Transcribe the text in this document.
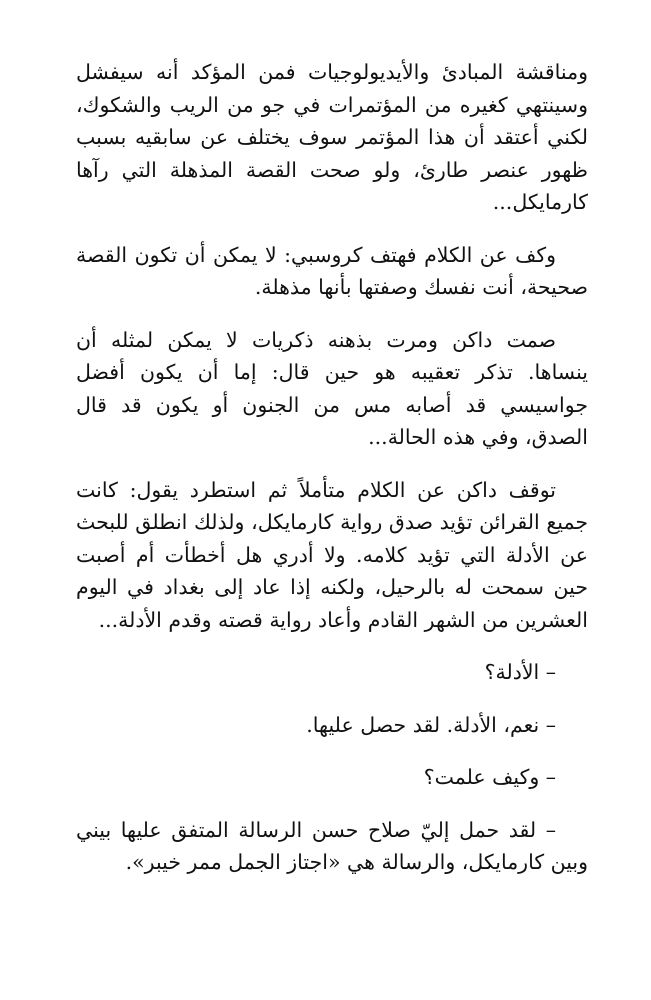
ومناقشة المبادئ والأيديولوجيات فمن المؤكد أنه سيفشل وسينتهي كغيره من المؤتمرات في جو من الريب والشكوك، لكني أعتقد أن هذا المؤتمر سوف يختلف عن سابقيه بسبب ظهور عنصر طارئ، ولو صحت القصة المذهلة التي رآها كارمايكل...

وكف عن الكلام فهتف كروسبي: لا يمكن أن تكون القصة صحيحة، أنت نفسك وصفتها بأنها مذهلة.

صمت داكن ومرت بذهنه ذكريات لا يمكن لمثله أن ينساها. تذكر تعقيبه هو حين قال: إما أن يكون أفضل جواسيسي قد أصابه مس من الجنون أو يكون قد قال الصدق، وفي هذه الحالة...

توقف داكن عن الكلام متأملاً ثم استطرد يقول: كانت جميع القرائن تؤيد صدق رواية كارمايكل، ولذلك انطلق للبحث عن الأدلة التي تؤيد كلامه. ولا أدري هل أخطأت أم أصبت حين سمحت له بالرحيل، ولكنه إذا عاد إلى بغداد في اليوم العشرين من الشهر القادم وأعاد رواية قصته وقدم الأدلة...

– الأدلة؟

– نعم، الأدلة. لقد حصل عليها.

– وكيف علمت؟

– لقد حمل إليّ صلاح حسن الرسالة المتفق عليها بيني وبين كارمايكل، والرسالة هي «اجتاز الجمل ممر خيبر».
